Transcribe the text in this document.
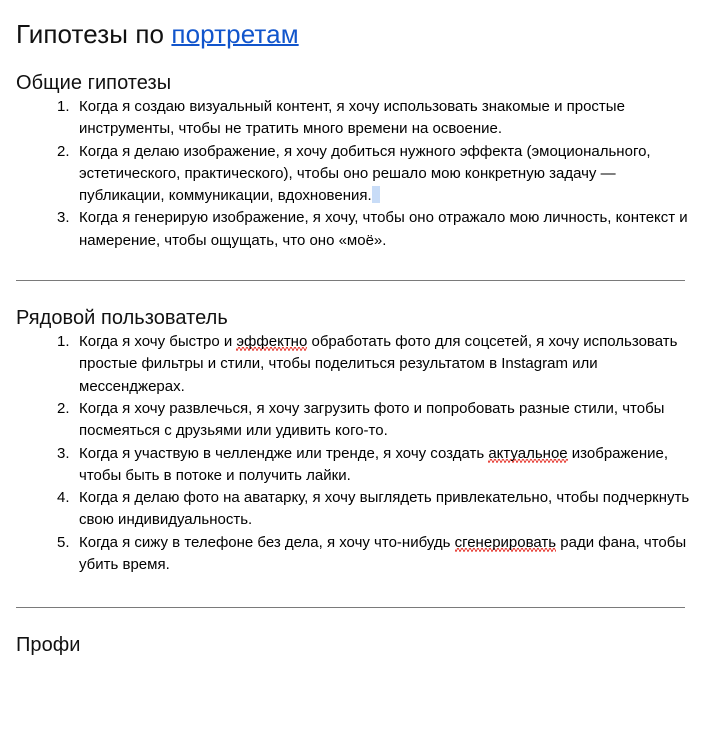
Гипотезы по портретам
Общие гипотезы
Когда я создаю визуальный контент, я хочу использовать знакомые и простые инструменты, чтобы не тратить много времени на освоение.
Когда я делаю изображение, я хочу добиться нужного эффекта (эмоционального, эстетического, практического), чтобы оно решало мою конкретную задачу — публикации, коммуникации, вдохновения.
Когда я генерирую изображение, я хочу, чтобы оно отражало мою личность, контекст и намерение, чтобы ощущать, что оно «моё».
Рядовой пользователь
Когда я хочу быстро и эффектно обработать фото для соцсетей, я хочу использовать простые фильтры и стили, чтобы поделиться результатом в Instagram или мессенджерах.
Когда я хочу развлечься, я хочу загрузить фото и попробовать разные стили, чтобы посмеяться с друзьями или удивить кого-то.
Когда я участвую в челлендже или тренде, я хочу создать актуальное изображение, чтобы быть в потоке и получить лайки.
Когда я делаю фото на аватарку, я хочу выглядеть привлекательно, чтобы подчеркнуть свою индивидуальность.
Когда я сижу в телефоне без дела, я хочу что-нибудь сгенерировать ради фана, чтобы убить время.
Профи
